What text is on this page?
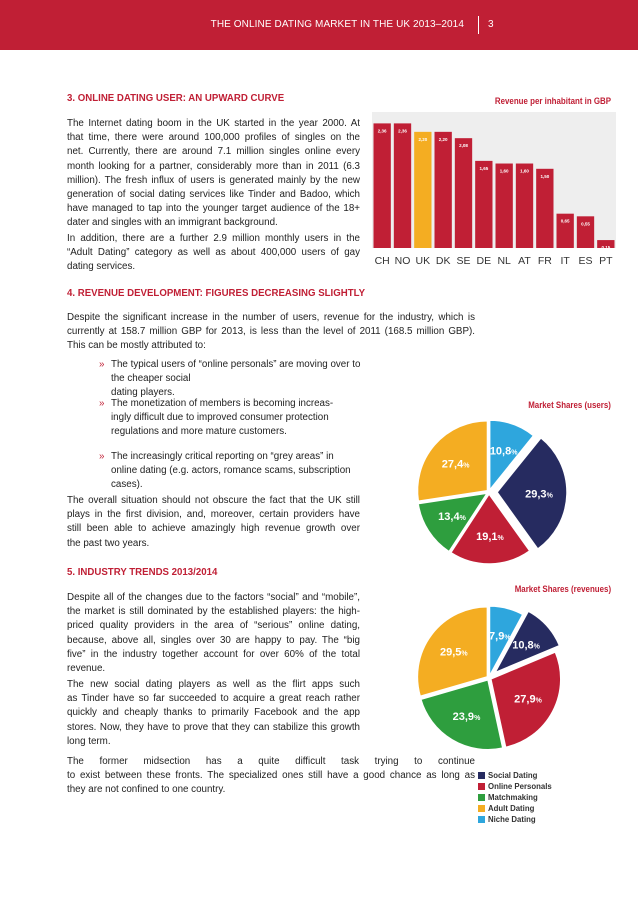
THE ONLINE DATING MARKET IN THE UK 2013–2014 3
3. ONLINE DATING USER: AN UPWARD CURVE
The Internet dating boom in the UK started in the year 2000. At
that time, there were around 100,000 profiles of singles on the
net. Currently, there are around 7.1 million singles online every
month looking for a partner, considerably more than in 2011 (6.3
million). The fresh influx of users is generated mainly by the new
generation of social dating services like Tinder and Badoo, which
have managed to tap into the younger target audience of the 18+
dater and singles with an immigrant background.
In addition, there are a further 2.9 million monthly users in the
“Adult Dating” category as well as about 400,000 users of gay
dating services.
Revenue per inhabitant in GBP
2,36
CH
2,36
NO
2,20
UK
2,20
DK
2,08
SE
1,65
DE
1,60
NL
1,60
AT
1,50
FR
0,65
IT
0,55
ES
0,15
PT
4. REVENUE DEVELOPMENT: FIGURES DECREASING SLIGHTLY
Despite the significant increase in the number of users, revenue for the industry, which is
currently at 158.7 million GBP for 2013, is less than the level of 2011 (168.5 million GBP).
This can be mostly attributed to:
» The typical users of “online personals” are moving over to the cheaper social
dating players.
» The monetization of members is becoming increas-
ingly difficult due to improved consumer protection
regulations and more mature customers.
» The increasingly critical reporting on “grey areas” in
online dating (e.g. actors, romance scams, subscription
cases).
The overall situation should not obscure the fact that the UK still
plays in the first division, and, moreover, certain providers have
still been able to achieve amazingly high revenue growth over
the past two years.
Market Shares (users)
10,8%
29,3%
19,1%
13,4%
27,4%
5. INDUSTRY TRENDS 2013/2014
Despite all of the changes due to the factors “social” and “mobile”,
the market is still dominated by the established players: the high-
priced quality providers in the area of “serious” online dating,
because, above all, singles over 30 are happy to pay. The “big
five” in the industry together account for over 60% of the total
revenue.
The new social dating players as well as the flirt apps such
as Tinder have so far succeeded to acquire a great reach rather
quickly and cheaply thanks to primarily Facebook and the app
stores. Now, they have to prove that they can stabilize this growth
long term.
The former midsection has a quite difficult task trying to continue
to exist between these fronts. The specialized ones still have a good chance as long as
they are not confined to one country.
Market Shares (revenues)
7,9%
10,8%
27,9%
23,9%
29,5%
Social Dating
Online Personals
Matchmaking
Adult Dating
Niche Dating
